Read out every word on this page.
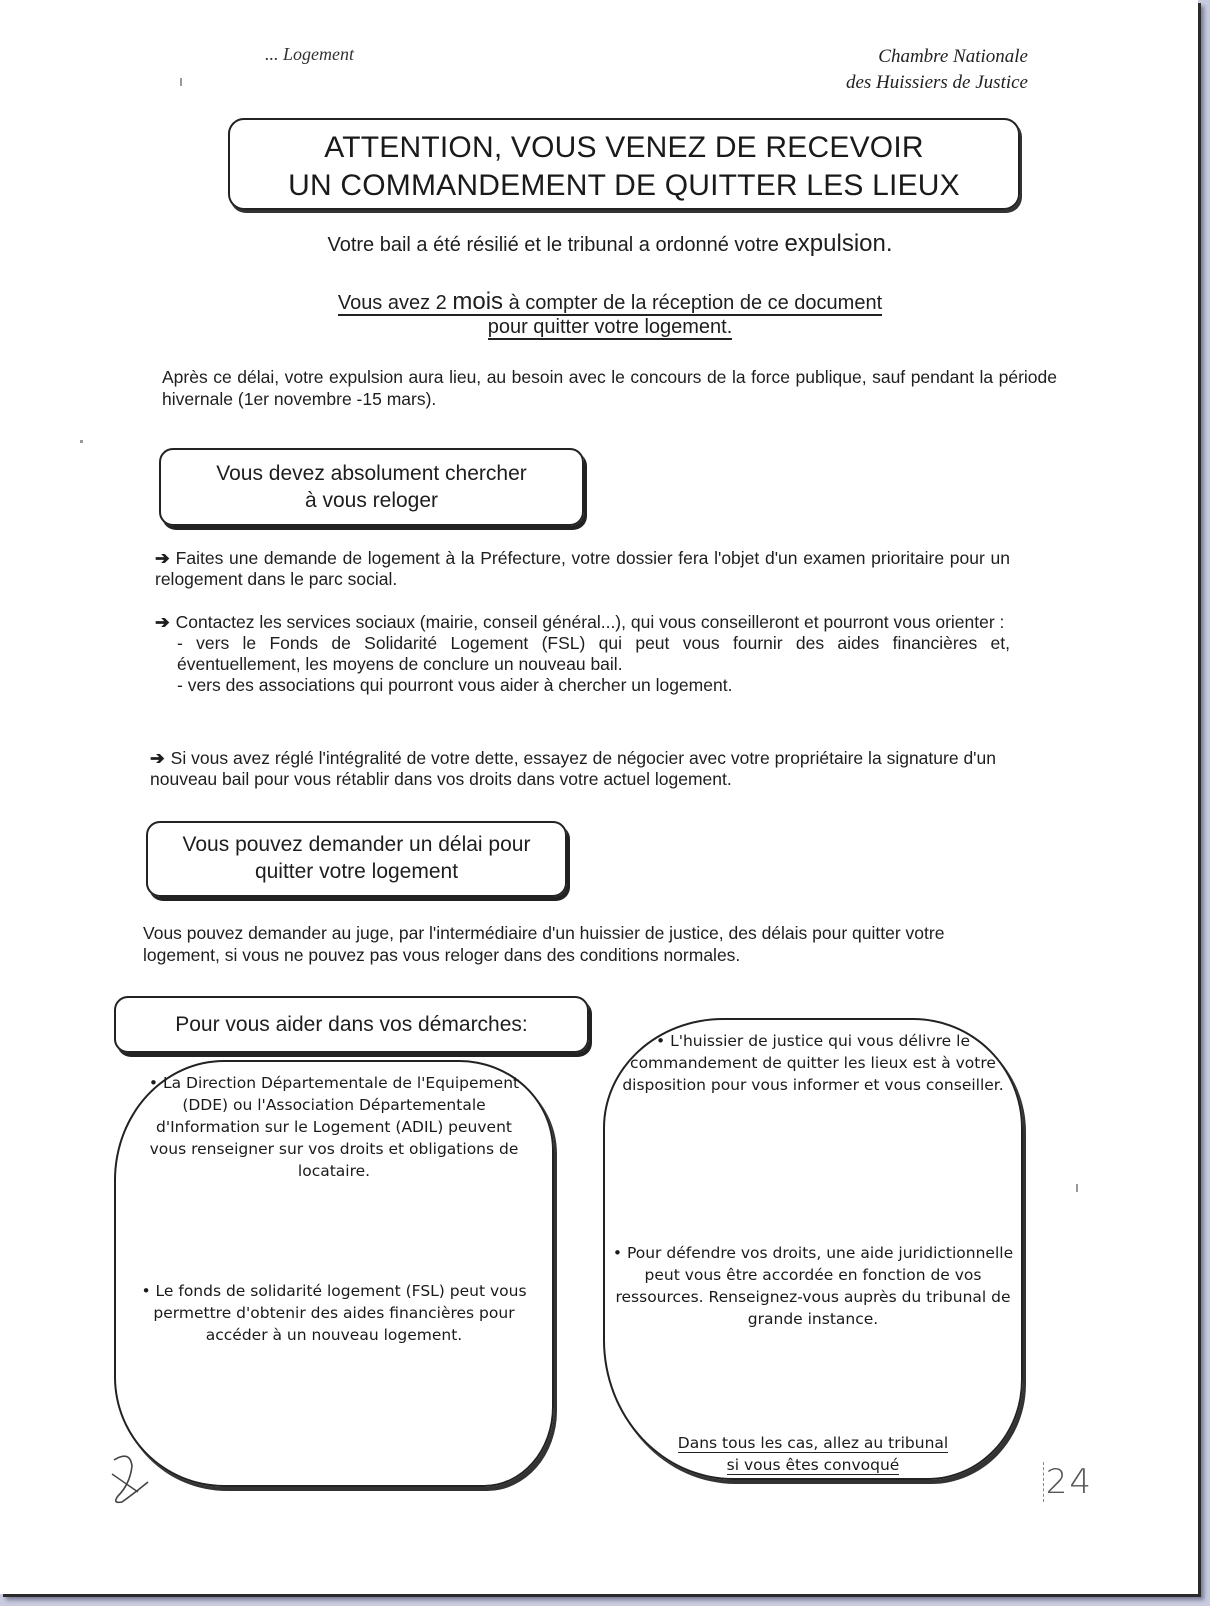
... Logement	Chambre Nationale
des Huissiers de Justice
ATTENTION, VOUS VENEZ DE RECEVOIR
UN COMMANDEMENT DE QUITTER LES LIEUX
Votre bail a été résilié et le tribunal a ordonné votre expulsion.
Vous avez 2 mois à compter de la réception de ce document
pour quitter votre logement.
Après ce délai, votre expulsion aura lieu, au besoin avec le concours de la force publique, sauf pendant la période hivernale (1er novembre -15 mars).
Vous devez absolument chercher
à vous reloger
➔ Faites une demande de logement à la Préfecture, votre dossier fera l'objet d'un examen prioritaire pour un relogement dans le parc social.
➔ Contactez les services sociaux (mairie, conseil général...), qui vous conseilleront et pourront vous orienter :
- vers le Fonds de Solidarité Logement (FSL) qui peut vous fournir des aides financières et, éventuellement, les moyens de conclure un nouveau bail.
- vers des associations qui pourront vous aider à chercher un logement.
➔ Si vous avez réglé l'intégralité de votre dette, essayez de négocier avec votre propriétaire la signature d'un nouveau bail pour vous rétablir dans vos droits dans votre actuel logement.
Vous pouvez demander un délai pour
quitter votre logement
Vous pouvez demander au juge, par l'intermédiaire d'un huissier de justice, des délais pour quitter votre logement, si vous ne pouvez pas vous reloger dans des conditions normales.
Pour vous aider dans vos démarches:
• La Direction Départementale de l'Equipement (DDE) ou l'Association Départementale d'Information sur le Logement (ADIL) peuvent vous renseigner sur vos droits et obligations de locataire.
• Le fonds de solidarité logement (FSL) peut vous permettre d'obtenir des aides financières pour accéder à un nouveau logement.
• L'huissier de justice qui vous délivre le commandement de quitter les lieux est à votre disposition pour vous informer et vous conseiller.
• Pour défendre vos droits, une aide juridictionnelle peut vous être accordée en fonction de vos ressources. Renseignez-vous auprès du tribunal de grande instance.
Dans tous les cas, allez au tribunal
si vous êtes convoqué	24
